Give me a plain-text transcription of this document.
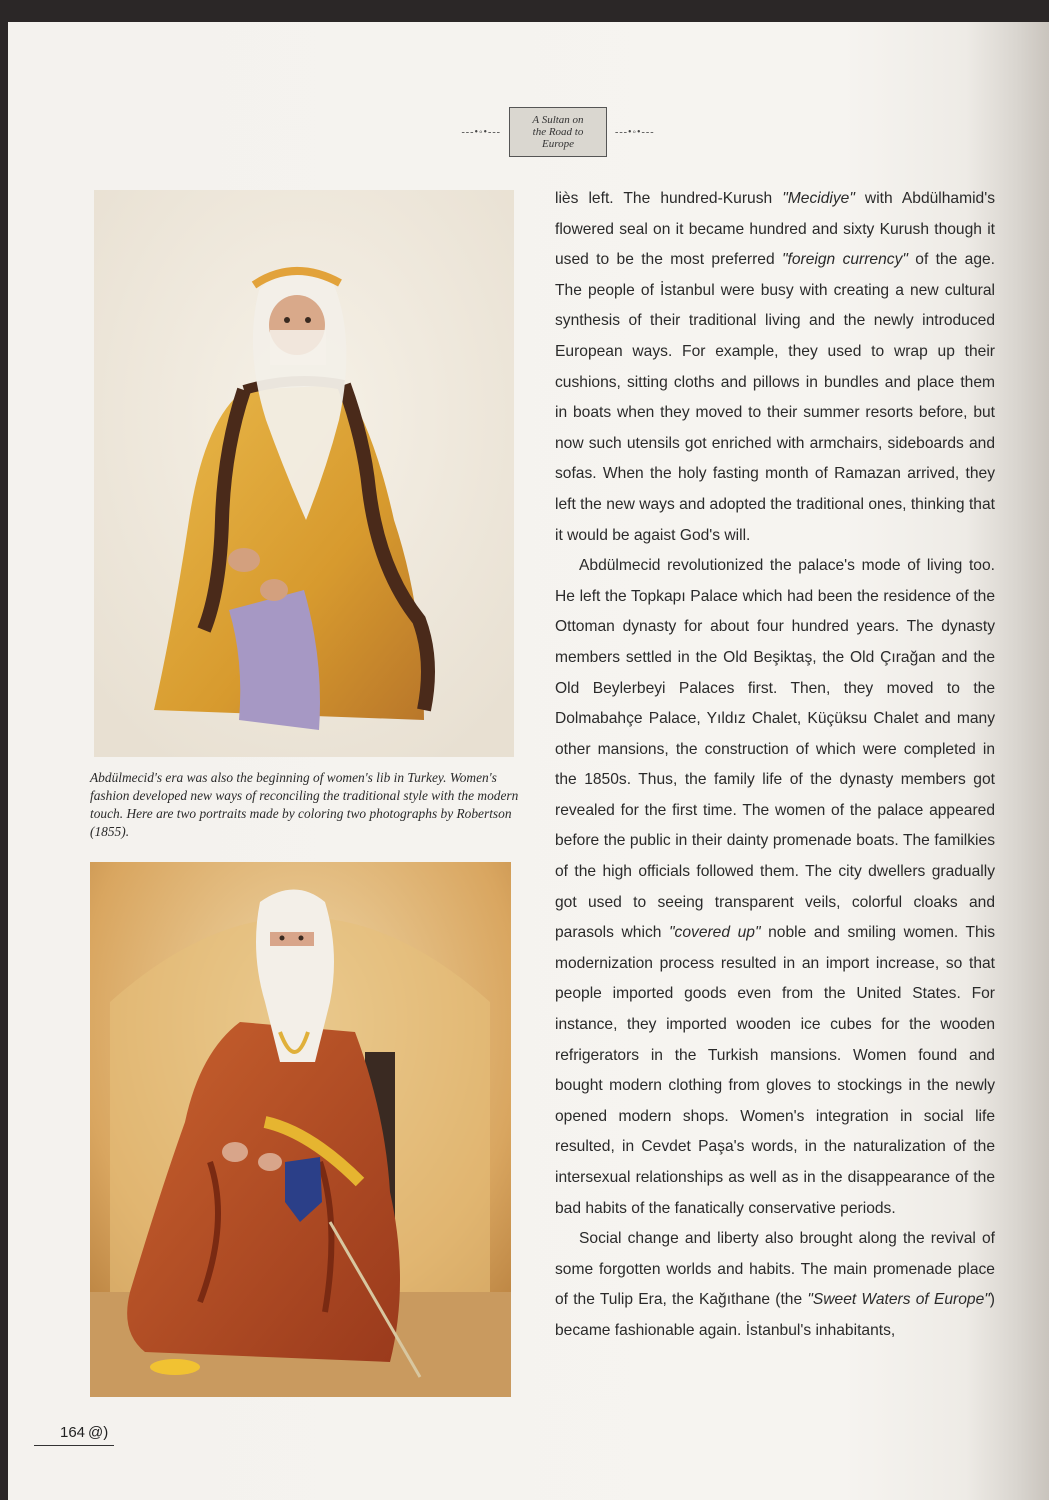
---•◦•---
A Sultan on
the Road to
Europe
---•◦•---

Abdülmecid's era was also the beginning of women's lib in Turkey. Women's fashion developed new ways of reconciling the traditional style with the modern touch. Here are two portraits made by coloring two photographs by Robertson (1855).

liès left. The hundred-Kurush "Mecidiye" with Abdülhamid's flowered seal on it became hundred and sixty Kurush though it used to be the most preferred "foreign currency" of the age. The people of İstanbul were busy with creating a new cultural synthesis of their traditional living and the newly introduced European ways. For example, they used to wrap up their cushions, sitting cloths and pillows in bundles and place them in boats when they moved to their summer resorts before, but now such utensils got enriched with armchairs, sideboards and sofas. When the holy fasting month of Ramazan arrived, they left the new ways and adopted the traditional ones, thinking that it would be agaist God's will.

Abdülmecid revolutionized the palace's mode of living too. He left the Topkapı Palace which had been the residence of the Ottoman dynasty for about four hundred years. The dynasty members settled in the Old Beşiktaş, the Old Çırağan and the Old Beylerbeyi Palaces first. Then, they moved to the Dolmabahçe Palace, Yıldız Chalet, Küçüksu Chalet and many other mansions, the construction of which were completed in the 1850s. Thus, the family life of the dynasty members got revealed for the first time. The women of the palace appeared before the public in their dainty promenade boats. The familkies of the high officials followed them. The city dwellers gradually got used to seeing transparent veils, colorful cloaks and parasols which "covered up" noble and smiling women. This modernization process resulted in an import increase, so that people imported goods even from the United States. For instance, they imported wooden ice cubes for the wooden refrigerators in the Turkish mansions. Women found and bought modern clothing from gloves to stockings in the newly opened modern shops. Women's integration in social life resulted, in Cevdet Paşa's words, in the naturalization of the intersexual relationships as well as in the disappearance of the bad habits of the fanatically conservative periods.

Social change and liberty also brought along the revival of some forgotten worlds and habits. The main promenade place of the Tulip Era, the Kağıthane (the "Sweet Waters of Europe") became fashionable again. İstanbul's inhabitants,

164 @)
